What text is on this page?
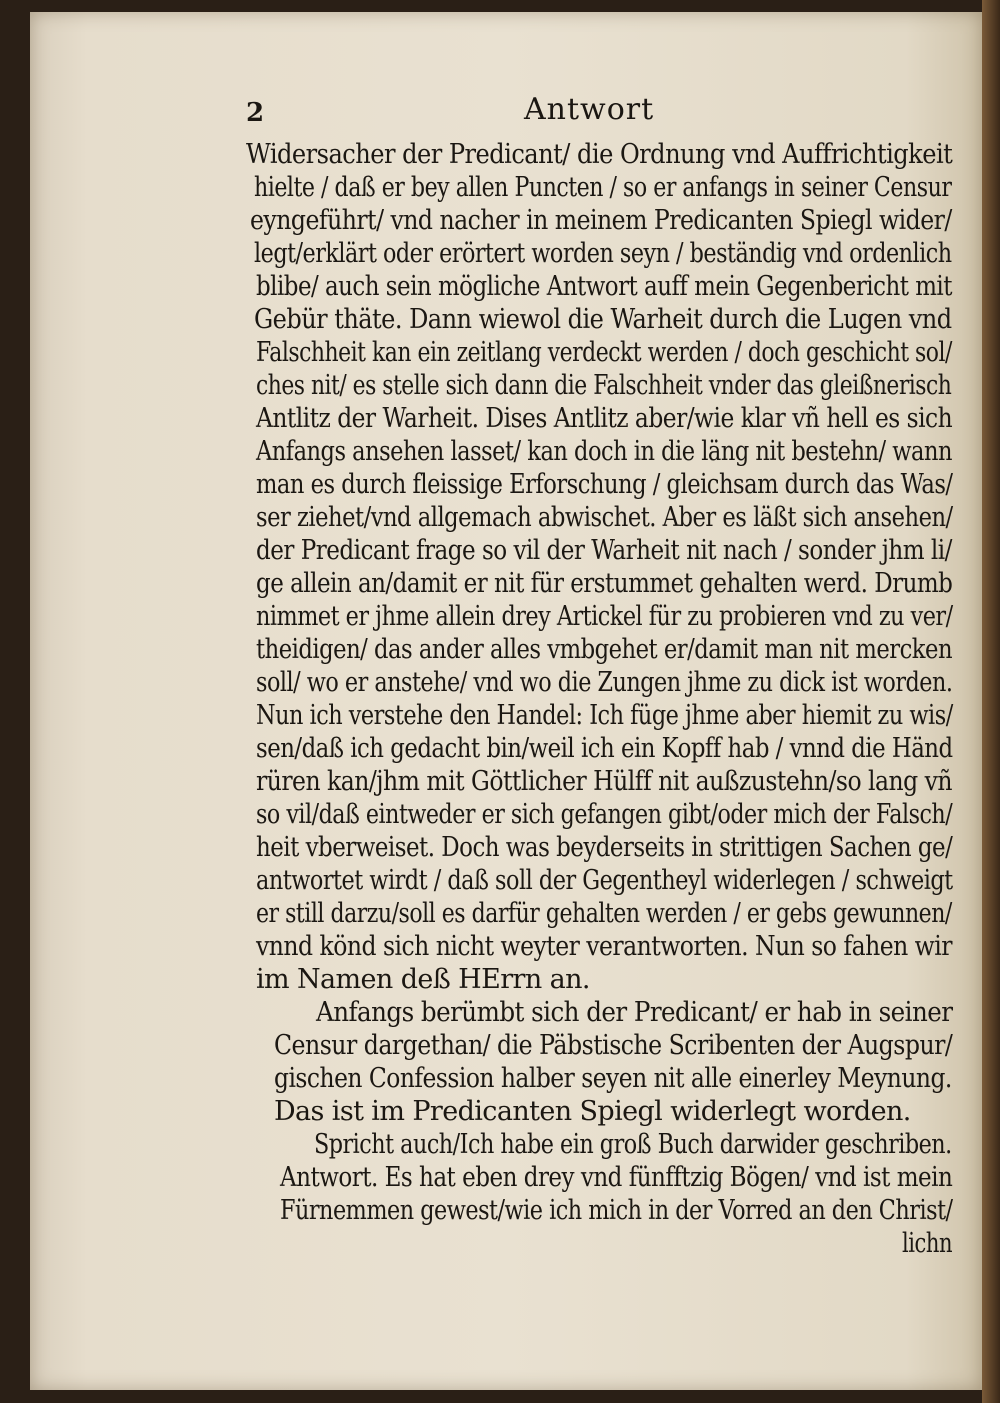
2	Antwort
Widersacher der Predicant/ die Ordnung vnd Auffrichtigkeit
hielte / daß er bey allen Puncten / so er anfangs in seiner Censur
eyngeführt/ vnd nacher in meinem Predicanten Spiegl wider/
legt/erklärt oder erörtert worden seyn / beständig vnd ordenlich
blibe/ auch sein mögliche Antwort auff mein Gegenbericht mit
Gebür thäte. Dann wiewol die Warheit durch die Lugen vnd
Falschheit kan ein zeitlang verdeckt werden / doch geschicht sol/
ches nit/ es stelle sich dann die Falschheit vnder das gleißnerisch
Antlitz der Warheit. Dises Antlitz aber/wie klar vñ hell es sich
Anfangs ansehen lasset/ kan doch in die läng nit bestehn/ wann
man es durch fleissige Erforschung / gleichsam durch das Was/
ser ziehet/vnd allgemach abwischet. Aber es läßt sich ansehen/
der Predicant frage so vil der Warheit nit nach / sonder jhm li/
ge allein an/damit er nit für erstummet gehalten werd. Drumb
nimmet er jhme allein drey Artickel für zu probieren vnd zu ver/
theidigen/ das ander alles vmbgehet er/damit man nit mercken
soll/ wo er anstehe/ vnd wo die Zungen jhme zu dick ist worden.
Nun ich verstehe den Handel: Ich füge jhme aber hiemit zu wis/
sen/daß ich gedacht bin/weil ich ein Kopff hab / vnnd die Händ
rüren kan/jhm mit Göttlicher Hülff nit außzustehn/so lang vñ
so vil/daß eintweder er sich gefangen gibt/oder mich der Falsch/
heit vberweiset. Doch was beyderseits in strittigen Sachen ge/
antwortet wirdt / daß soll der Gegentheyl widerlegen / schweigt
er still darzu/soll es darfür gehalten werden / er gebs gewunnen/
vnnd könd sich nicht weyter verantworten. Nun so fahen wir
im Namen deß HErrn an.
Anfangs berümbt sich der Predicant/ er hab in seiner
Censur dargethan/ die Päbstische Scribenten der Augspur/
gischen Confession halber seyen nit alle einerley Meynung.
Das ist im Predicanten Spiegl widerlegt worden.
Spricht auch/Ich habe ein groß Buch darwider geschriben.
Antwort. Es hat eben drey vnd fünfftzig Bögen/ vnd ist mein
Fürnemmen gewest/wie ich mich in der Vorred an den Christ/
lichn
